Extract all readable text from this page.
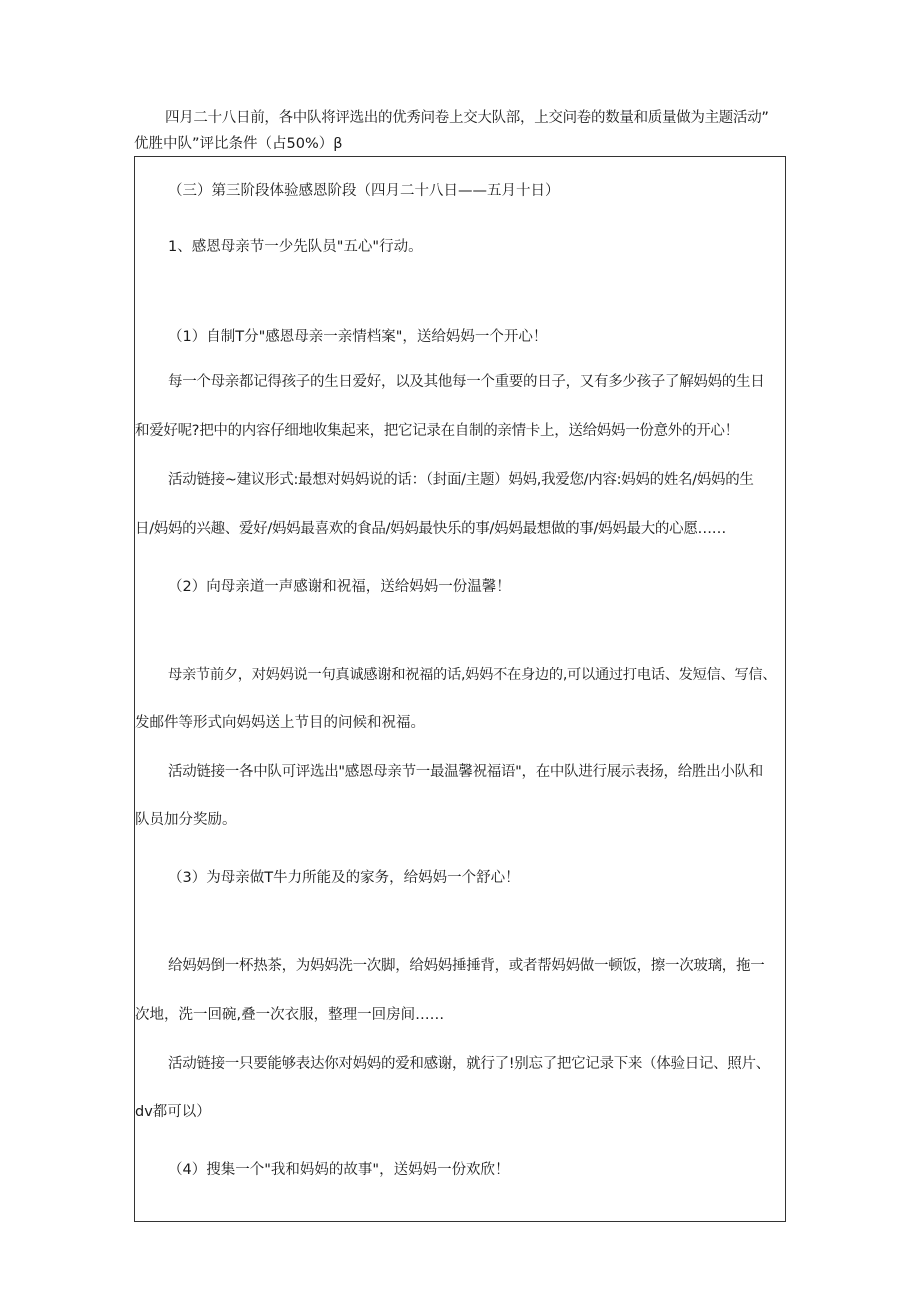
四月二十八日前，各中队将评选出的优秀问卷上交大队部，上交问卷的数量和质量做为主题活动”
优胜中队”评比条件（占50%）β
（三）第三阶段体验感恩阶段（四月二十八日——五月十日）
1、感恩母亲节一少先队员"五心"行动。
（1）自制T分"感恩母亲一亲情档案"，送给妈妈一个开心！
每一个母亲都记得孩子的生日爱好，以及其他每一个重要的日子，又有多少孩子了解妈妈的生日
和爱好呢?把中的内容仔细地收集起来，把它记录在自制的亲情卡上，送给妈妈一份意外的开心！
活动链接~建议形式:最想对妈妈说的话：（封面/主题）妈妈,我爱您/内容:妈妈的姓名/妈妈的生
日/妈妈的兴趣、爱好/妈妈最喜欢的食品/妈妈最快乐的事/妈妈最想做的事/妈妈最大的心愿……
（2）向母亲道一声感谢和祝福，送给妈妈一份温馨！
母亲节前夕，对妈妈说一句真诚感谢和祝福的话,妈妈不在身边的,可以通过打电话、发短信、写信、
发邮件等形式向妈妈送上节目的问候和祝福。
活动链接一各中队可评选出"感恩母亲节一最温馨祝福语"，在中队进行展示表扬，给胜出小队和
队员加分奖励。
（3）为母亲做T牛力所能及的家务，给妈妈一个舒心！
给妈妈倒一杯热茶，为妈妈洗一次脚，给妈妈捶捶背，或者帮妈妈做一顿饭，擦一次玻璃，拖一
次地，洗一回碗,叠一次衣服，整理一回房间……
活动链接一只要能够表达你对妈妈的爱和感谢，就行了!别忘了把它记录下来（体验日记、照片、
dv都可以）
（4）搜集一个"我和妈妈的故事"，送妈妈一份欢欣！
